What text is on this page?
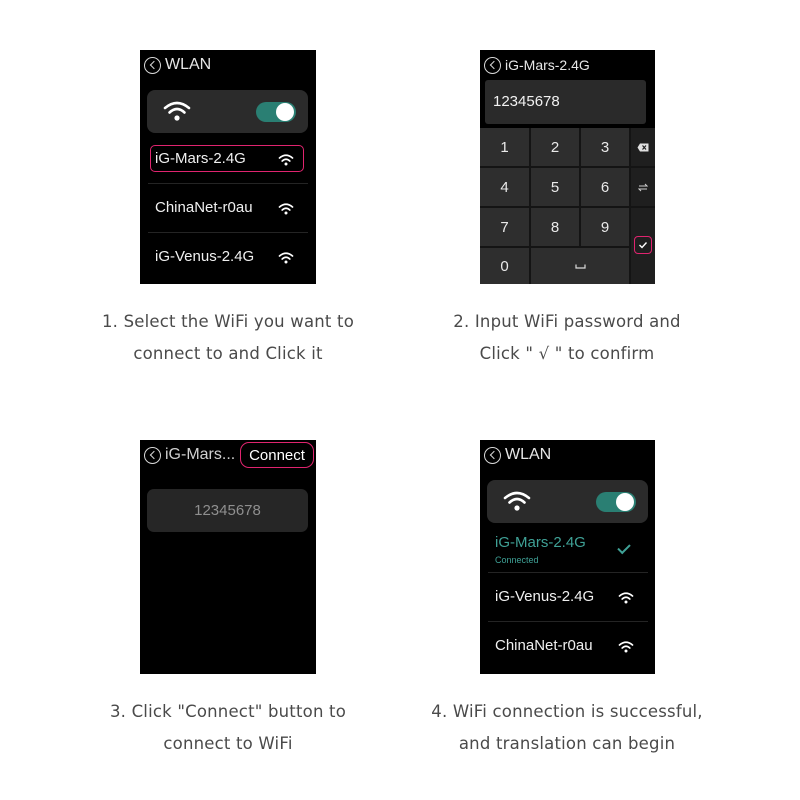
WLAN
iG-Mars-2.4G
ChinaNet-r0au
iG-Venus-2.4G
1. Select the WiFi you want to
connect to and Click it
iG-Mars-2.4G
12345678
1	2	3
4	5	6
7	8	9
0
2. Input WiFi password and
Click " √ " to confirm
iG-Mars... Connect
12345678
3. Click "Connect" button to
connect to WiFi
WLAN
iG-Mars-2.4G
Connected
iG-Venus-2.4G
ChinaNet-r0au
4. WiFi connection is successful,
and translation can begin
